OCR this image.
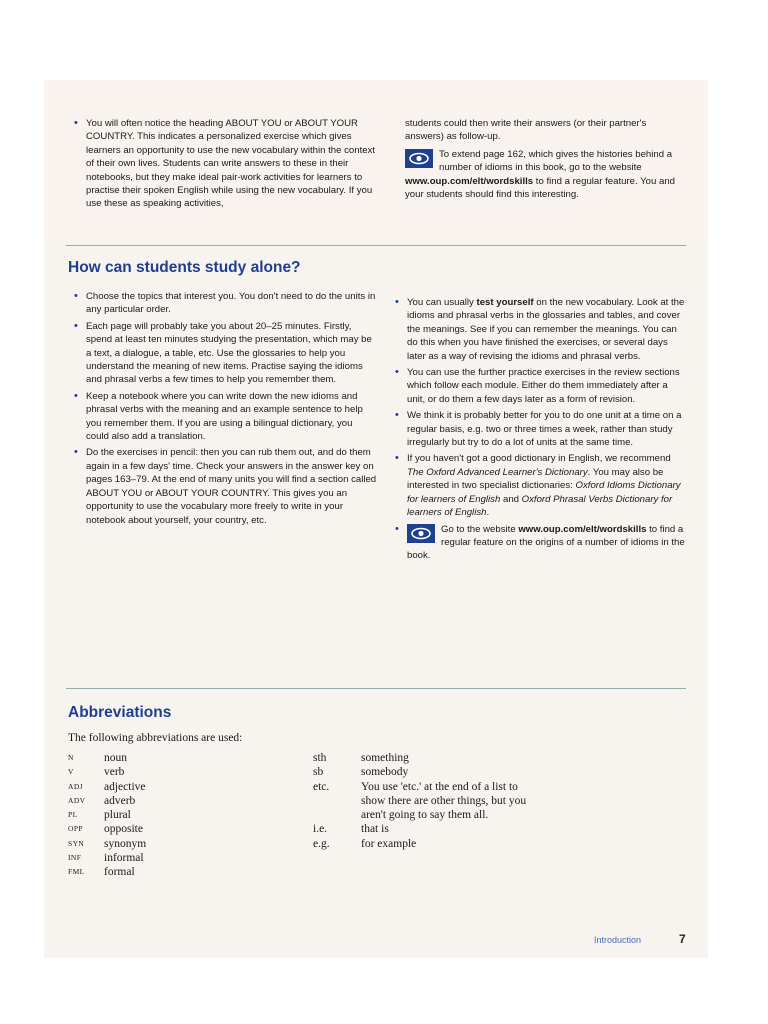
• You will often notice the heading ABOUT YOU or ABOUT YOUR COUNTRY. This indicates a personalized exercise which gives learners an opportunity to use the new vocabulary within the context of their own lives. Students can write answers to these in their notebooks, but they make ideal pair-work activities for learners to practise their spoken English while using the new vocabulary. If you use these as speaking activities,
students could then write their answers (or their partner's answers) as follow-up.
To extend page 162, which gives the histories behind a number of idioms in this book, go to the website www.oup.com/elt/wordskills to find a regular feature. You and your students should find this interesting.
How can students study alone?
• Choose the topics that interest you. You don't need to do the units in any particular order.
• Each page will probably take you about 20–25 minutes. Firstly, spend at least ten minutes studying the presentation, which may be a text, a dialogue, a table, etc. Use the glossaries to help you understand the meaning of new items. Practise saying the idioms and phrasal verbs a few times to help you remember them.
• Keep a notebook where you can write down the new idioms and phrasal verbs with the meaning and an example sentence to help you remember them. If you are using a bilingual dictionary, you could also add a translation.
• Do the exercises in pencil: then you can rub them out, and do them again in a few days' time. Check your answers in the answer key on pages 163–79. At the end of many units you will find a section called ABOUT YOU or ABOUT YOUR COUNTRY. This gives you an opportunity to use the vocabulary more freely to write in your notebook about yourself, your country, etc.
• You can usually test yourself on the new vocabulary. Look at the idioms and phrasal verbs in the glossaries and tables, and cover the meanings. See if you can remember the meanings. You can do this when you have finished the exercises, or several days later as a way of revising the idioms and phrasal verbs.
• You can use the further practice exercises in the review sections which follow each module. Either do them immediately after a unit, or do them a few days later as a form of revision.
• We think it is probably better for you to do one unit at a time on a regular basis, e.g. two or three times a week, rather than study irregularly but try to do a lot of units at the same time.
• If you haven't got a good dictionary in English, we recommend The Oxford Advanced Learner's Dictionary. You may also be interested in two specialist dictionaries: Oxford Idioms Dictionary for learners of English and Oxford Phrasal Verbs Dictionary for learners of English.
• Go to the website www.oup.com/elt/wordskills to find a regular feature on the origins of a number of idioms in the book.
Abbreviations
The following abbreviations are used:
N	noun
V	verb
ADJ	adjective
ADV	adverb
PL	plural
OPP	opposite
SYN	synonym
INF	informal
FML	formal
sth	something
sb	somebody
etc.	You use 'etc.' at the end of a list to show there are other things, but you aren't going to say them all.
i.e.	that is
e.g.	for example
Introduction	7
